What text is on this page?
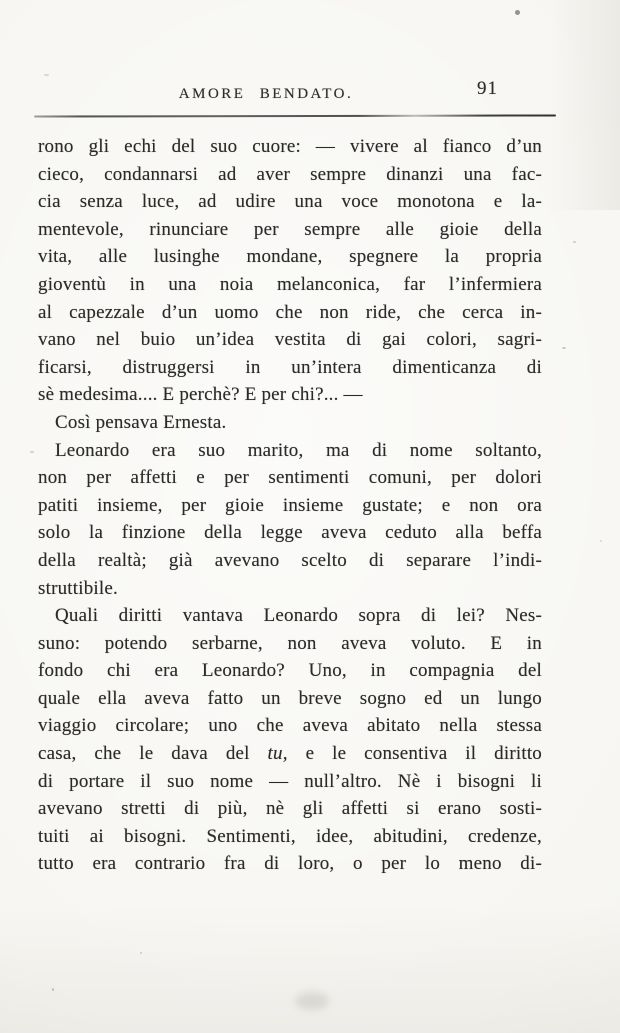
AMORE BENDATO.	91
rono gli echi del suo cuore: — vivere al fianco d’un
cieco, condannarsi ad aver sempre dinanzi una fac-
cia senza luce, ad udire una voce monotona e la-
mentevole, rinunciare per sempre alle gioie della
vita, alle lusinghe mondane, spegnere la propria
gioventù in una noia melanconica, far l’infermiera
al capezzale d’un uomo che non ride, che cerca in-
vano nel buio un’idea vestita di gai colori, sagri-
ficarsi, distruggersi in un’intera dimenticanza di
sè medesima.... E perchè? E per chi?... —
Così pensava Ernesta.
Leonardo era suo marito, ma di nome soltanto,
non per affetti e per sentimenti comuni, per dolori
patiti insieme, per gioie insieme gustate; e non ora
solo la finzione della legge aveva ceduto alla beffa
della realtà; già avevano scelto di separare l’indi-
struttibile.
Quali diritti vantava Leonardo sopra di lei? Nes-
suno: potendo serbarne, non aveva voluto. E in
fondo chi era Leonardo? Uno, in compagnia del
quale ella aveva fatto un breve sogno ed un lungo
viaggio circolare; uno che aveva abitato nella stessa
casa, che le dava del tu, e le consentiva il diritto
di portare il suo nome — null’altro. Nè i bisogni li
avevano stretti di più, nè gli affetti si erano sosti-
tuiti ai bisogni. Sentimenti, idee, abitudini, credenze,
tutto era contrario fra di loro, o per lo meno di-
